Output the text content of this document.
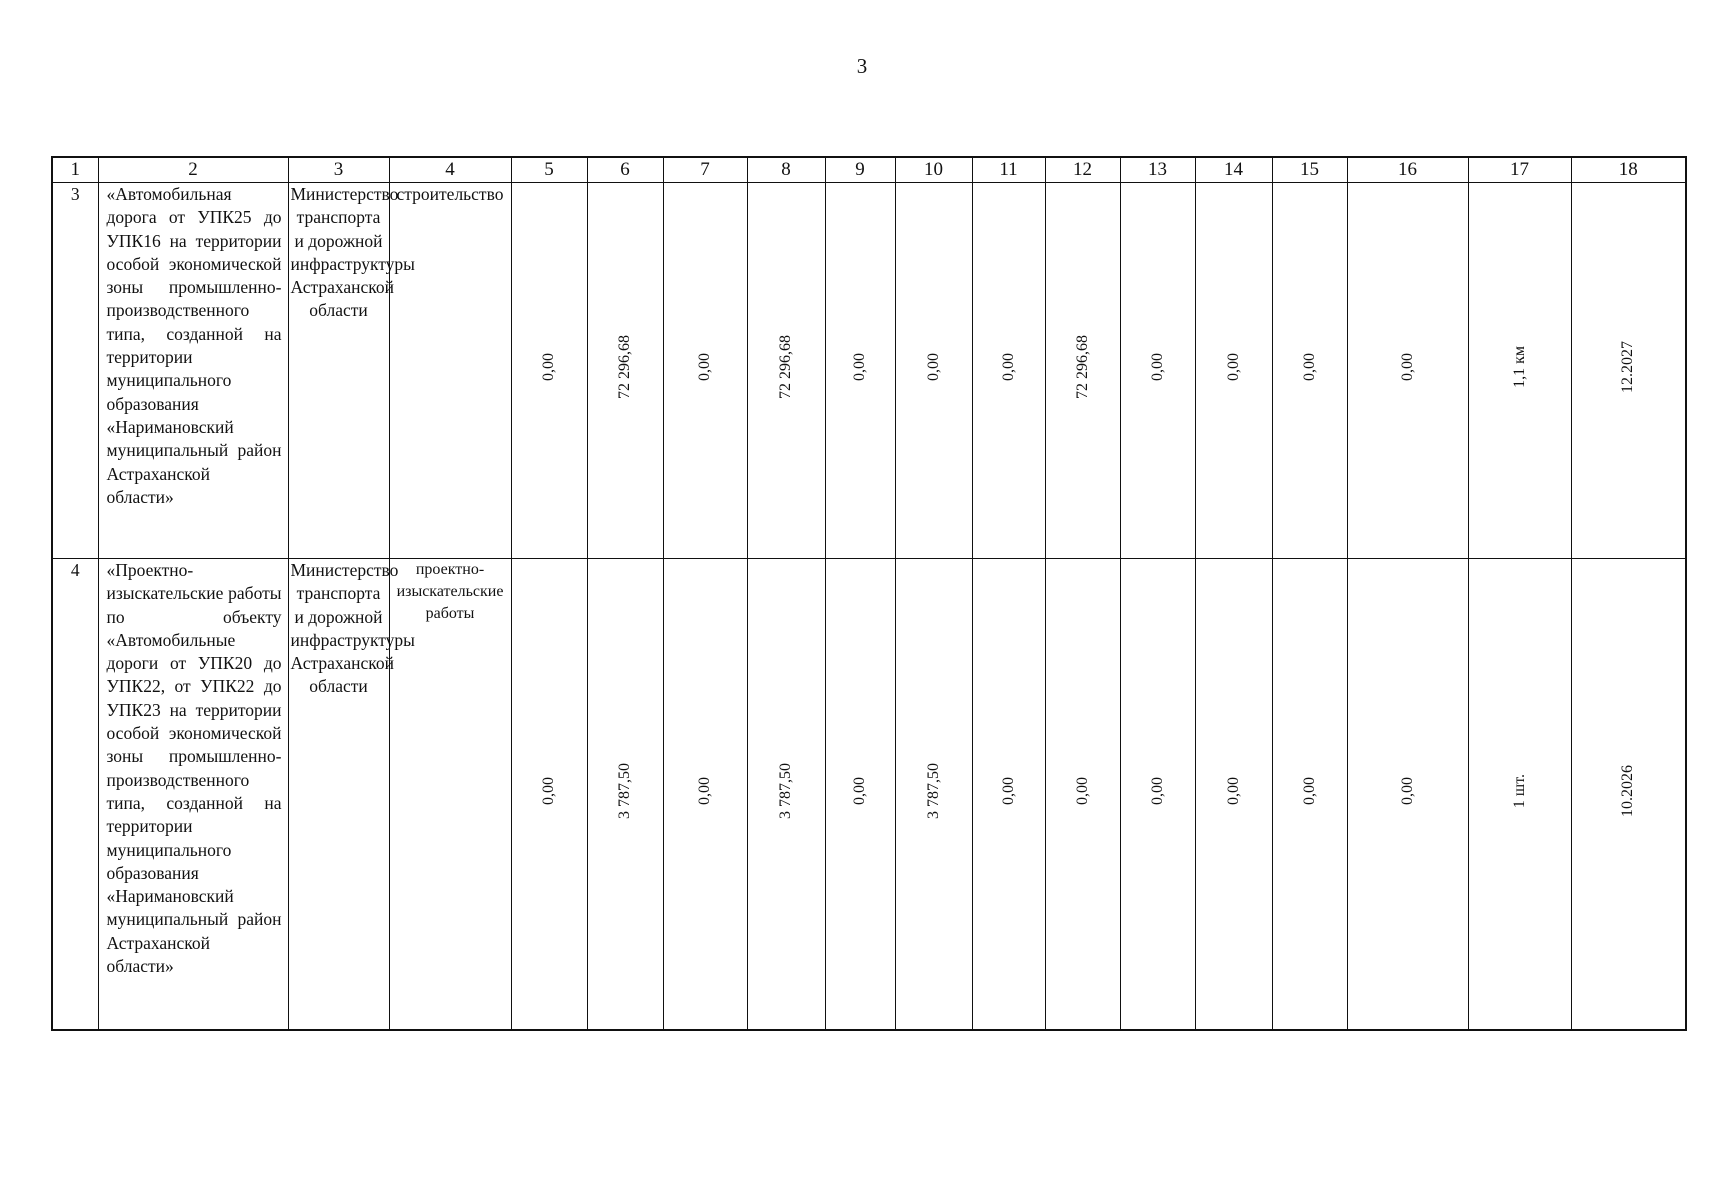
3
1	2	3	4	5	6	7	8	9	10	11	12	13	14	15	16	17	18
3	«Автомобильная дорога от УПК25 до УПК16 на территории особой экономической зоны промышленно-производственного типа, созданной на территории муниципального образования «Наримановский муниципальный район Астраханской области»	Министерство транспорта и дорожной инфраструктуры Астраханской области	строительство	0,00	72 296,68	0,00	72 296,68	0,00	0,00	0,00	72 296,68	0,00	0,00	0,00	0,00	1,1 км	12.2027
4	«Проектно-изыскательские работы по объекту «Автомобильные дороги от УПК20 до УПК22, от УПК22 до УПК23 на территории особой экономической зоны промышленно-производственного типа, созданной на территории муниципального образования «Наримановский муниципальный район Астраханской области»	Министерство транспорта и дорожной инфраструктуры Астраханской области	проектно-изыскательские работы	0,00	3 787,50	0,00	3 787,50	0,00	3 787,50	0,00	0,00	0,00	0,00	0,00	0,00	1 шт.	10.2026
